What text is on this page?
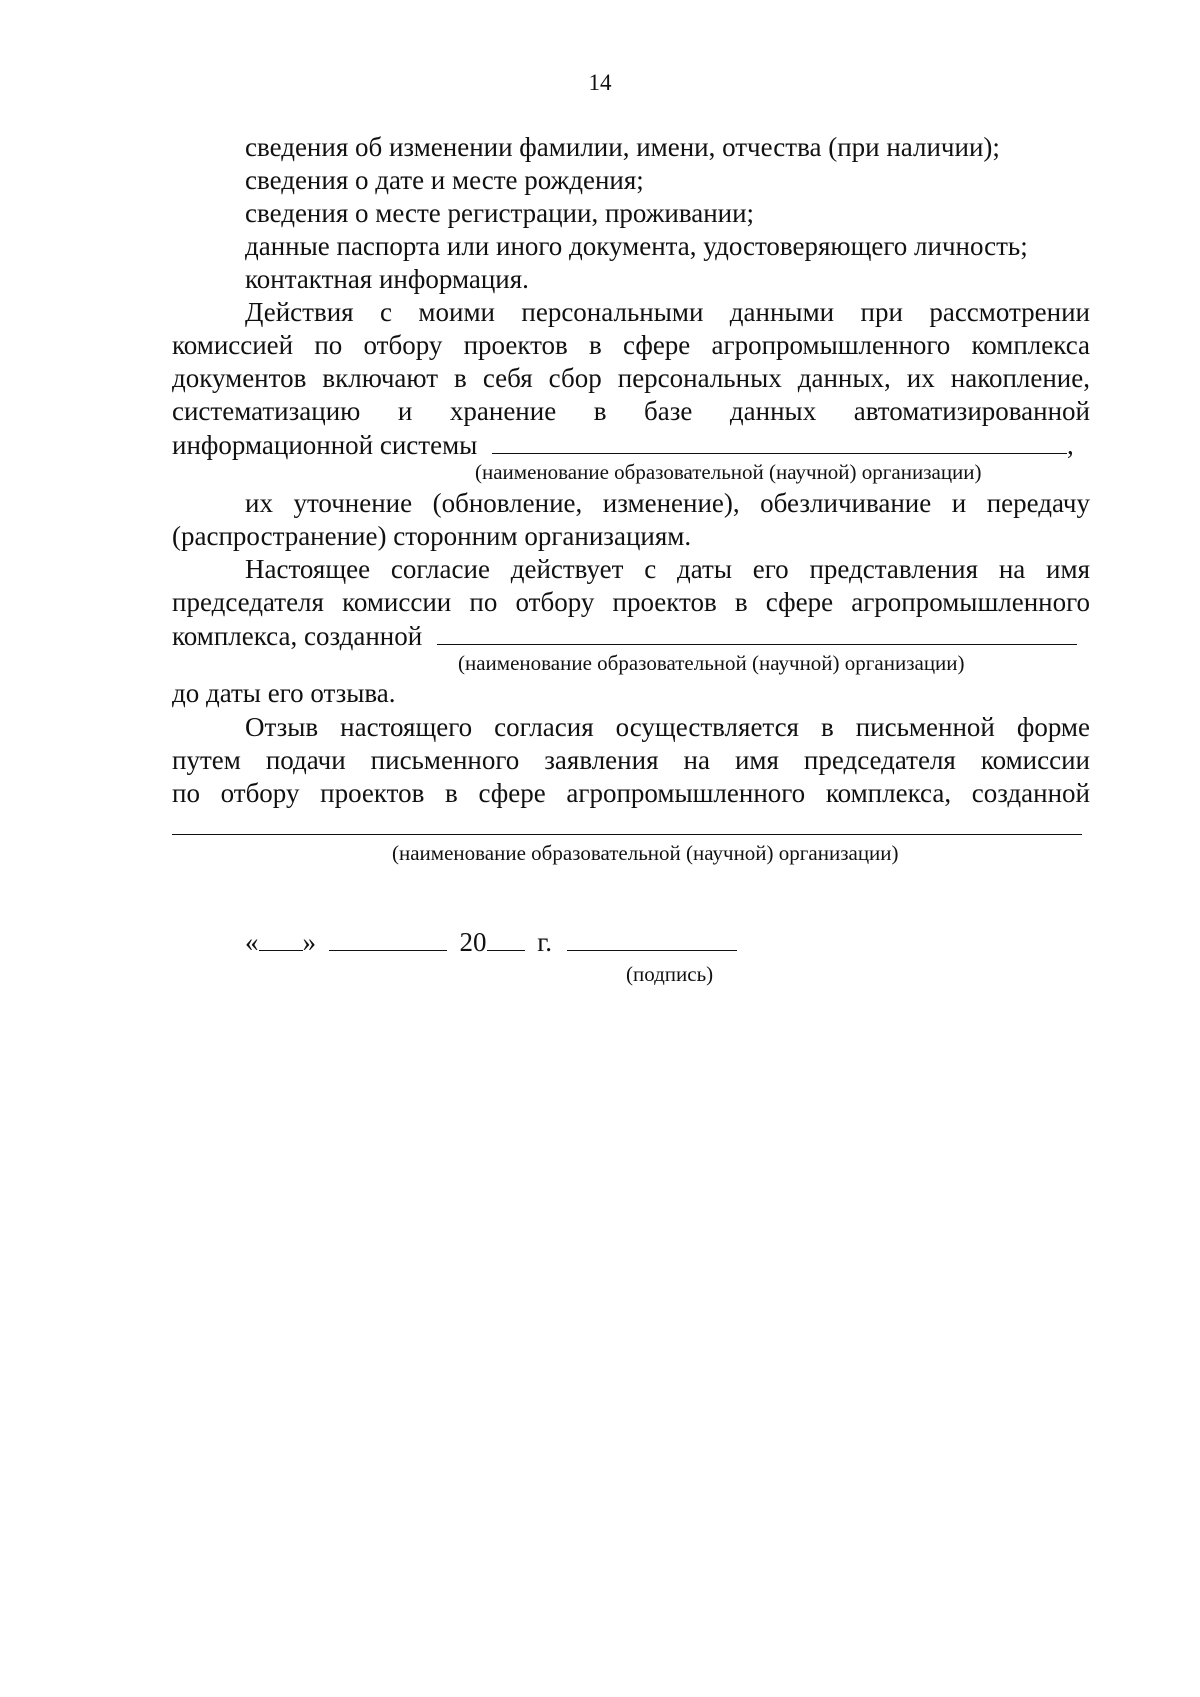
14
сведения об изменении фамилии, имени, отчества (при наличии);
сведения о дате и месте рождения;
сведения о месте регистрации, проживании;
данные паспорта или иного документа, удостоверяющего личность;
контактная информация.
Действия с моими персональными данными при рассмотрении
комиссией по отбору проектов в сфере агропромышленного комплекса
документов включают в себя сбор персональных данных, их накопление,
систематизацию и хранение в базе данных автоматизированной
информационной системы	,
(наименование образовательной (научной) организации)
их уточнение (обновление, изменение), обезличивание и передачу
(распространение) сторонним организациям.
Настоящее согласие действует с даты его представления на имя
председателя комиссии по отбору проектов в сфере агропромышленного
комплекса, созданной
(наименование образовательной (научной) организации)
до даты его отзыва.
Отзыв настоящего согласия осуществляется в письменной форме
путем подачи письменного заявления на имя председателя комиссии
по отбору проектов в сфере агропромышленного комплекса, созданной
(наименование образовательной (научной) организации)
« »	20 г.
(подпись)
